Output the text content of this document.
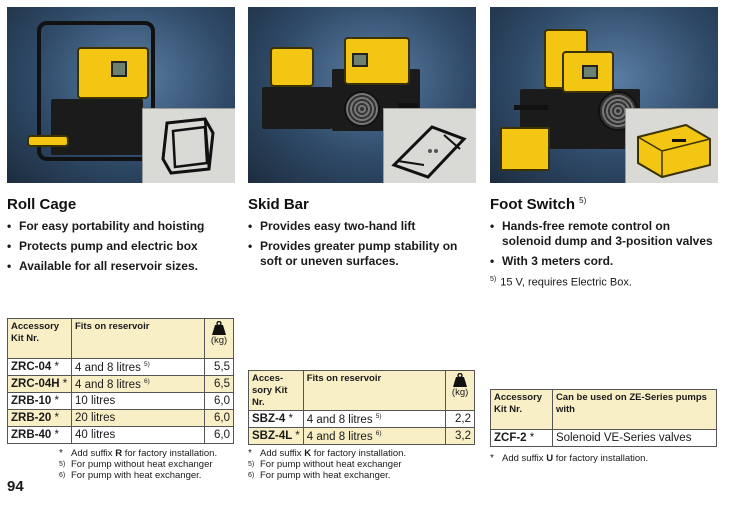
Roll Cage
• For easy portability and hoisting
• Protects pump and electric box
• Available for all reservoir sizes.
Accessory Kit Nr.	Fits on reservoir	(kg)
ZRC-04 *	4 and 8 litres $^{5)}$	5,5
ZRC-04H *	4 and 8 litres $^{6)}$	6,5
ZRB-10 *	10 litres	6,0
ZRB-20 *	20 litres	6,0
ZRB-40 *	40 litres	6,0
* Add suffix R for factory installation.
5) For pump without heat exchanger
6) For pump with heat exchanger.
Skid Bar
• Provides easy two-hand lift
• Provides greater pump stability on soft or uneven surfaces.
Acces-sory Kit Nr.	Fits on reservoir	(kg)
SBZ-4 *	4 and 8 litres $^{5)}$	2,2
SBZ-4L *	4 and 8 litres $^{6)}$	3,2
* Add suffix K for factory installation.
5) For pump without heat exchanger
6) For pump with heat exchanger.
Foot Switch $^{5)}$
• Hands-free remote control on solenoid dump and 3-position valves
• With 3 meters cord.
$^{5)}$ 15 V, requires Electric Box.
Accessory Kit Nr.	Can be used on ZE-Series pumps with
ZCF-2 *	Solenoid VE-Series valves
* Add suffix U for factory installation.
94
